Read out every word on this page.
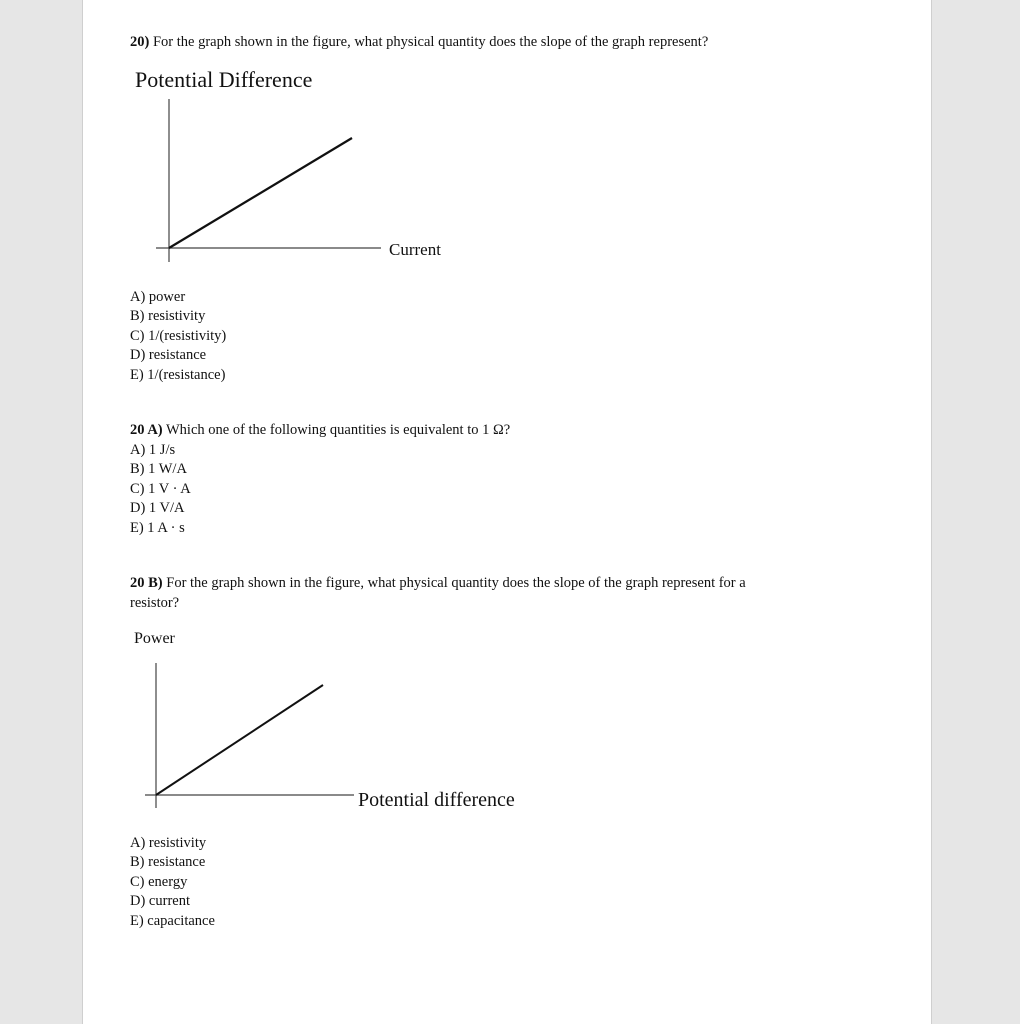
20) For the graph shown in the figure, what physical quantity does the slope of the graph represent?
Potential Difference
Current
A) power
B) resistivity
C) 1/(resistivity)
D) resistance
E) 1/(resistance)
20 A) Which one of the following quantities is equivalent to 1 Ω?
A) 1 J/s
B) 1 W/A
C) 1 V · A
D) 1 V/A
E) 1 A · s
20 B) For the graph shown in the figure, what physical quantity does the slope of the graph represent for a
resistor?
Power
Potential difference
A) resistivity
B) resistance
C) energy
D) current
E) capacitance
